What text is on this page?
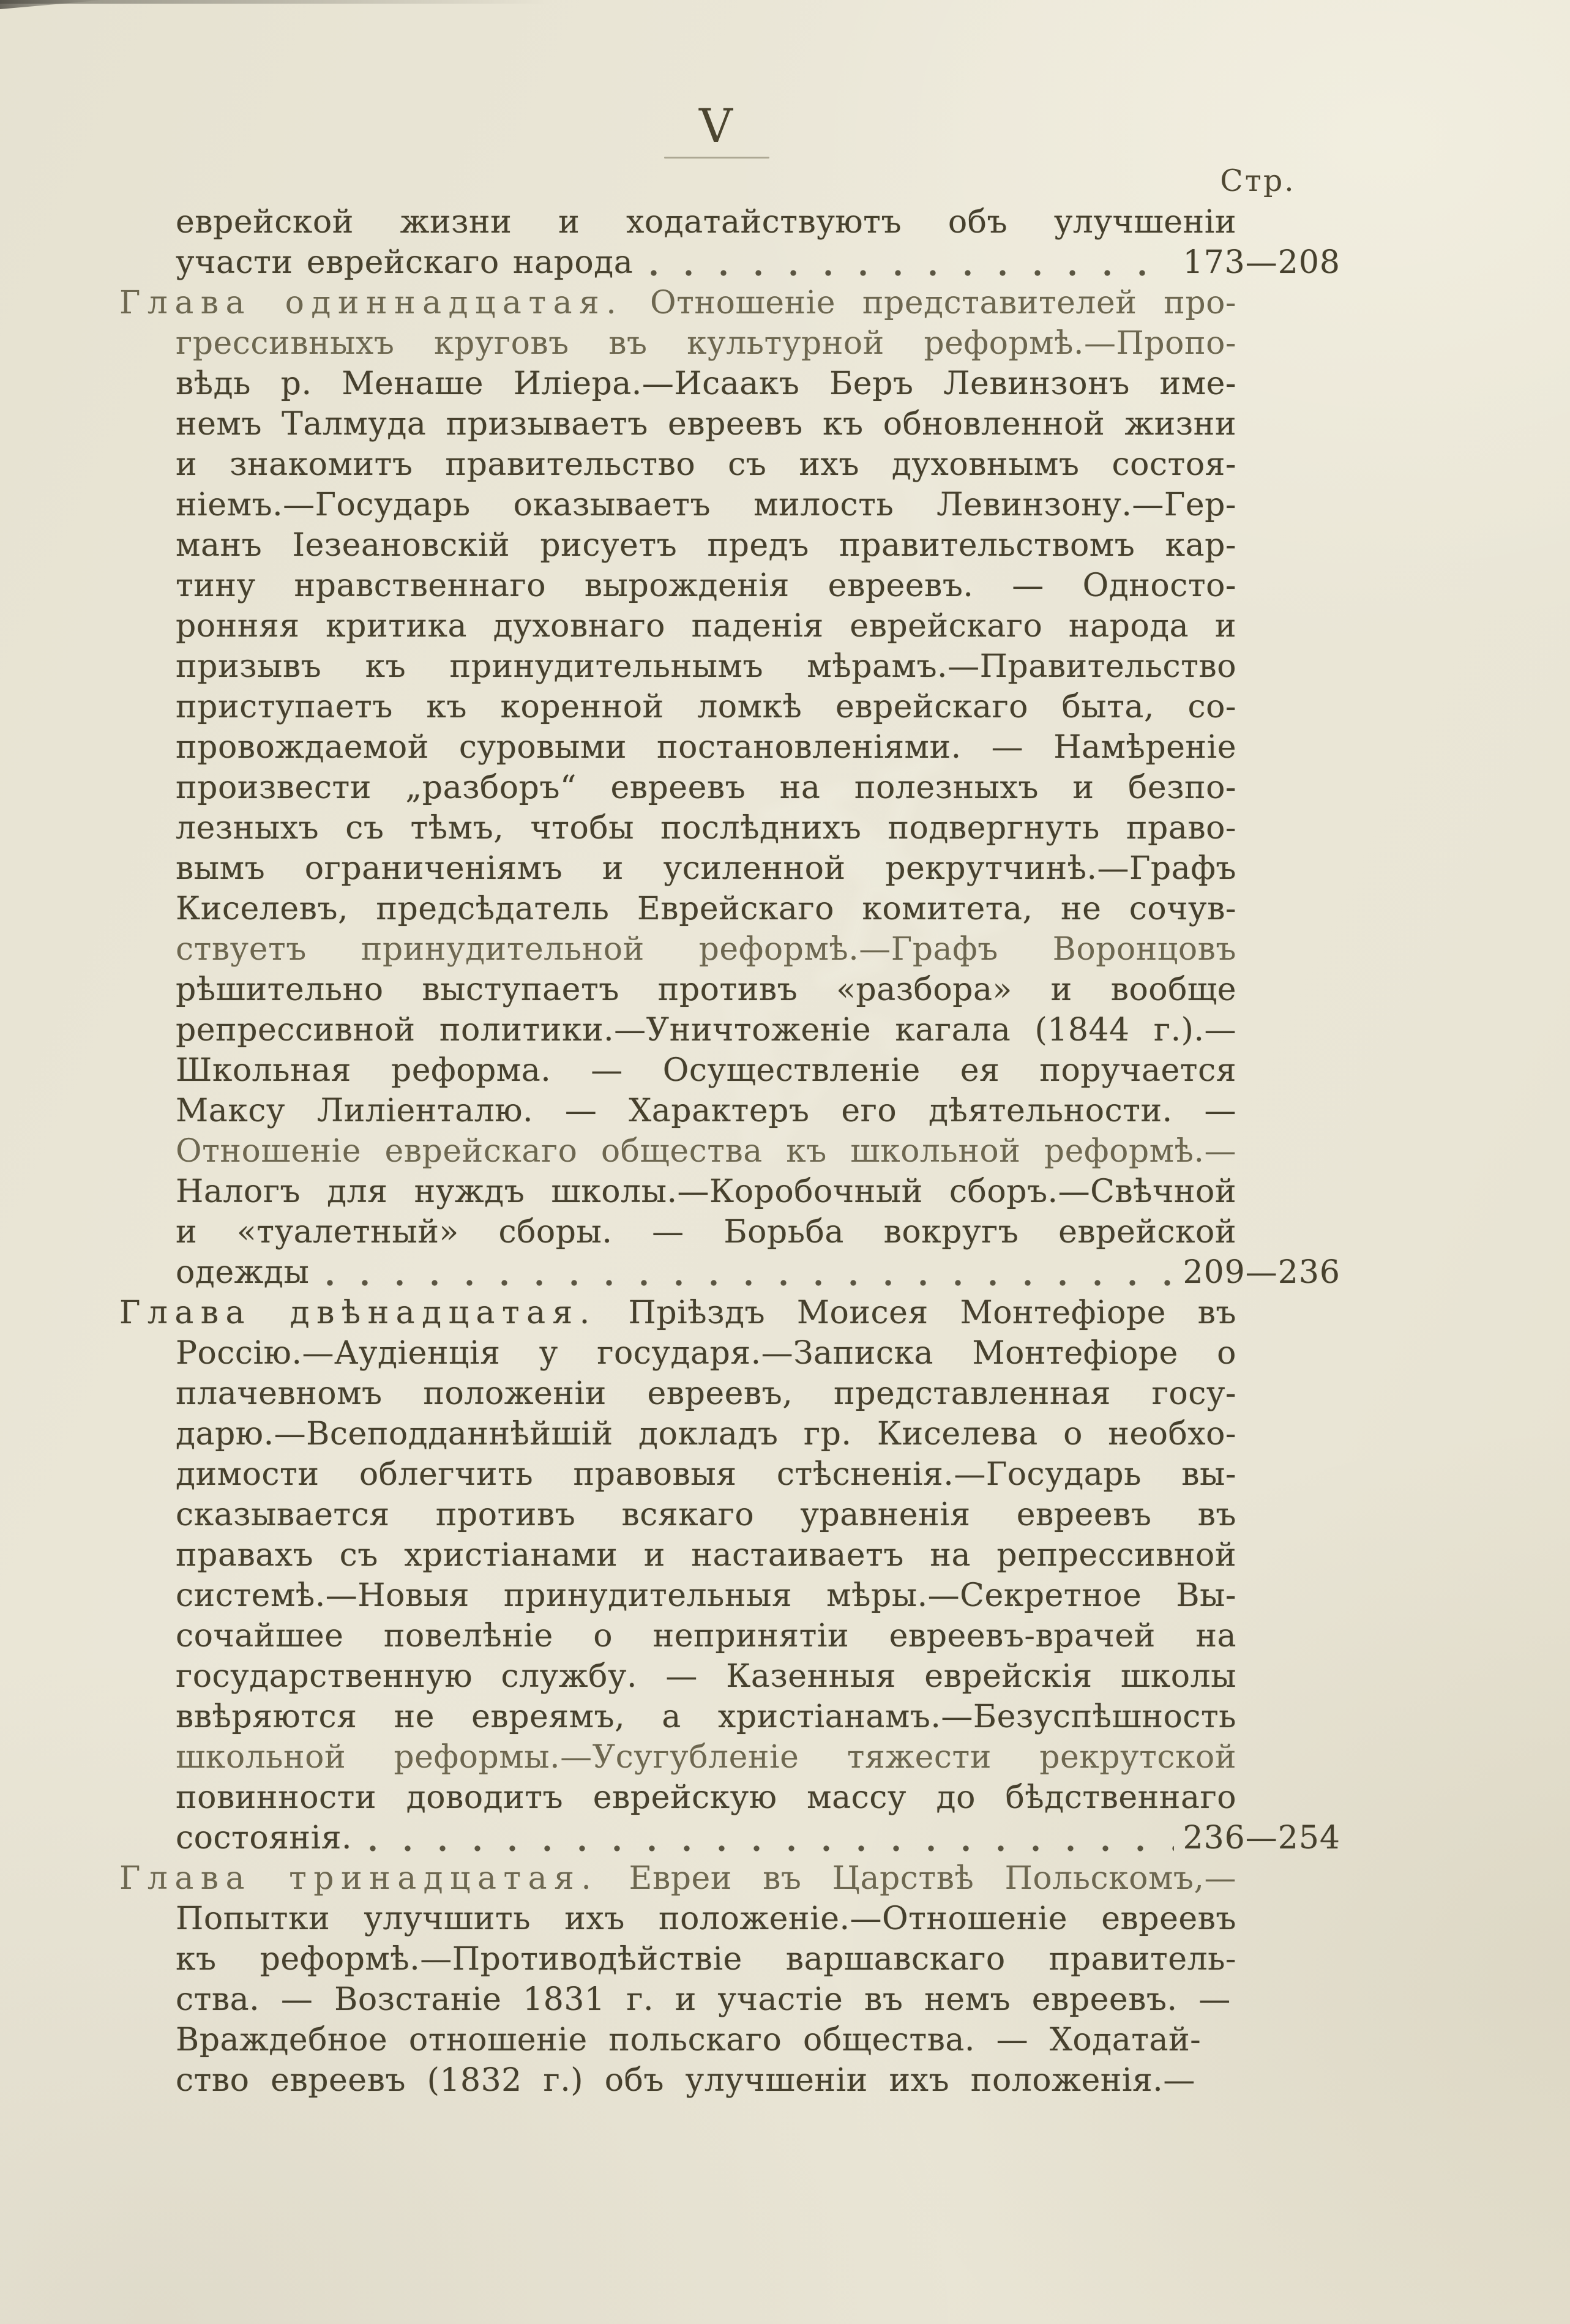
Х
Ѵ
І
V
Стр.
еврейской жизни и ходатайствуютъ объ улучшеніи
участи еврейскаго народа	173—208
Глава одиннадцатая. Отношеніе представителей про-
грессивныхъ круговъ въ культурной реформѣ.—Пропо-
вѣдь р. Менаше Иліера.—Исаакъ Беръ Левинзонъ име-
немъ Талмуда призываетъ евреевъ къ обновленной жизни
и знакомитъ правительство съ ихъ духовнымъ состоя-
ніемъ.—Государь оказываетъ милость Левинзону.—Гер-
манъ Іезеановскій рисуетъ предъ правительствомъ кар-
тину нравственнаго вырожденія евреевъ. — Односто-
ронняя критика духовнаго паденія еврейскаго народа и
призывъ къ принудительнымъ мѣрамъ.—Правительство
приступаетъ къ коренной ломкѣ еврейскаго быта, со-
провождаемой суровыми постановленіями. — Намѣреніе
произвести „разборъ“ евреевъ на полезныхъ и безпо-
лезныхъ съ тѣмъ, чтобы послѣднихъ подвергнуть право-
вымъ ограниченіямъ и усиленной рекрутчинѣ.—Графъ
Киселевъ, предсѣдатель Еврейскаго комитета, не сочув-
ствуетъ принудительной реформѣ.—Графъ Воронцовъ
рѣшительно выступаетъ противъ «разбора» и вообще
репрессивной политики.—Уничтоженіе кагала (1844 г.).—
Школьная реформа. — Осуществленіе ея поручается
Максу Лиліенталю. — Характеръ его дѣятельности. —
Отношеніе еврейскаго общества къ школьной реформѣ.—
Налогъ для нуждъ школы.—Коробочный сборъ.—Свѣчной
и «туалетный» сборы. — Борьба вокругъ еврейской
одежды	209—236
Глава двѣнадцатая. Пріѣздъ Моисея Монтефіоре въ
Россію.—Аудіенція у государя.—Записка Монтефіоре о
плачевномъ положеніи евреевъ, представленная госу-
дарю.—Всеподданнѣйшій докладъ гр. Киселева о необхо-
димости облегчить правовыя стѣсненія.—Государь вы-
сказывается противъ всякаго уравненія евреевъ въ
правахъ съ христіанами и настаиваетъ на репрессивной
системѣ.—Новыя принудительныя мѣры.—Секретное Вы-
сочайшее повелѣніе о непринятіи евреевъ-врачей на
государственную службу. — Казенныя еврейскія школы
ввѣряются не евреямъ, а христіанамъ.—Безуспѣшность
школьной реформы.—Усугубленіе тяжести рекрутской
повинности доводитъ еврейскую массу до бѣдственнаго
состоянія.	236—254
Глава тринадцатая. Евреи въ Царствѣ Польскомъ,—
Попытки улучшить ихъ положеніе.—Отношеніе евреевъ
къ реформѣ.—Противодѣйствіе варшавскаго правитель-
ства. — Возстаніе 1831 г. и участіе въ немъ евреевъ. —
Враждебное отношеніе польскаго общества. — Ходатай-
ство евреевъ (1832 г.) объ улучшеніи ихъ положенія.—
